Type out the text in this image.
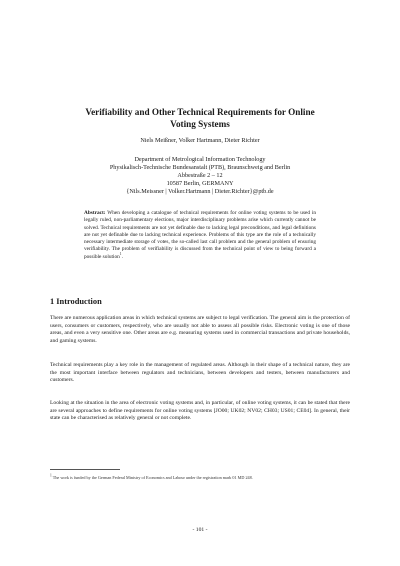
Verifiability and Other Technical Requirements for Online
Voting Systems
Niels Meißner, Volker Hartmann, Dieter Richter
Department of Metrological Information Technology
Physikalisch-Technische Bundesanstalt (PTB), Braunschweig and Berlin
Abbestraße 2 – 12
10587 Berlin, GERMANY
{Nils.Meissner | Volker.Hartmann | Dieter.Richter}@ptb.de
Abstract: When developing a catalogue of technical requirements for online voting systems to be used in legally ruled, non-parliamentary elections, major interdisciplinary problems arise which currently cannot be solved. Technical requirements are not yet definable due to lacking legal preconditions, and legal definitions are not yet definable due to lacking technical experience. Problems of this type are the role of a technically necessary intermediate storage of votes, the so-called last call problem and the general problem of ensuring verifiability. The problem of verifiability is discussed from the technical point of view to being forward a possible solution$^1$.
1 Introduction
There are numerous application areas in which technical systems are subject to legal verification. The general aim is the protection of users, consumers or customers, respectively, who are usually not able to assess all possible risks. Electronic voting is one of those areas, and even a very sensitive one. Other areas are e.g. measuring systems used in commercial transactions and private households, and gaming systems.
Technical requirements play a key role in the management of regulated areas. Although in their shape of a technical nature, they are the most important interface between regulators and technicians, between developers and testers, between manufacturers and customers.
Looking at the situation in the area of electronic voting systems and, in particular, of online voting systems, it can be stated that there are several approaches to define requirements for online voting systems [JO00; UK02; NV02; CH03; US01; CE04]. In general, their state can be characterised as relatively general or not complete.
1 The work is funded by the German Federal Ministry of Economics and Labour under the registration mark 01 MD 248.
- 101 -
